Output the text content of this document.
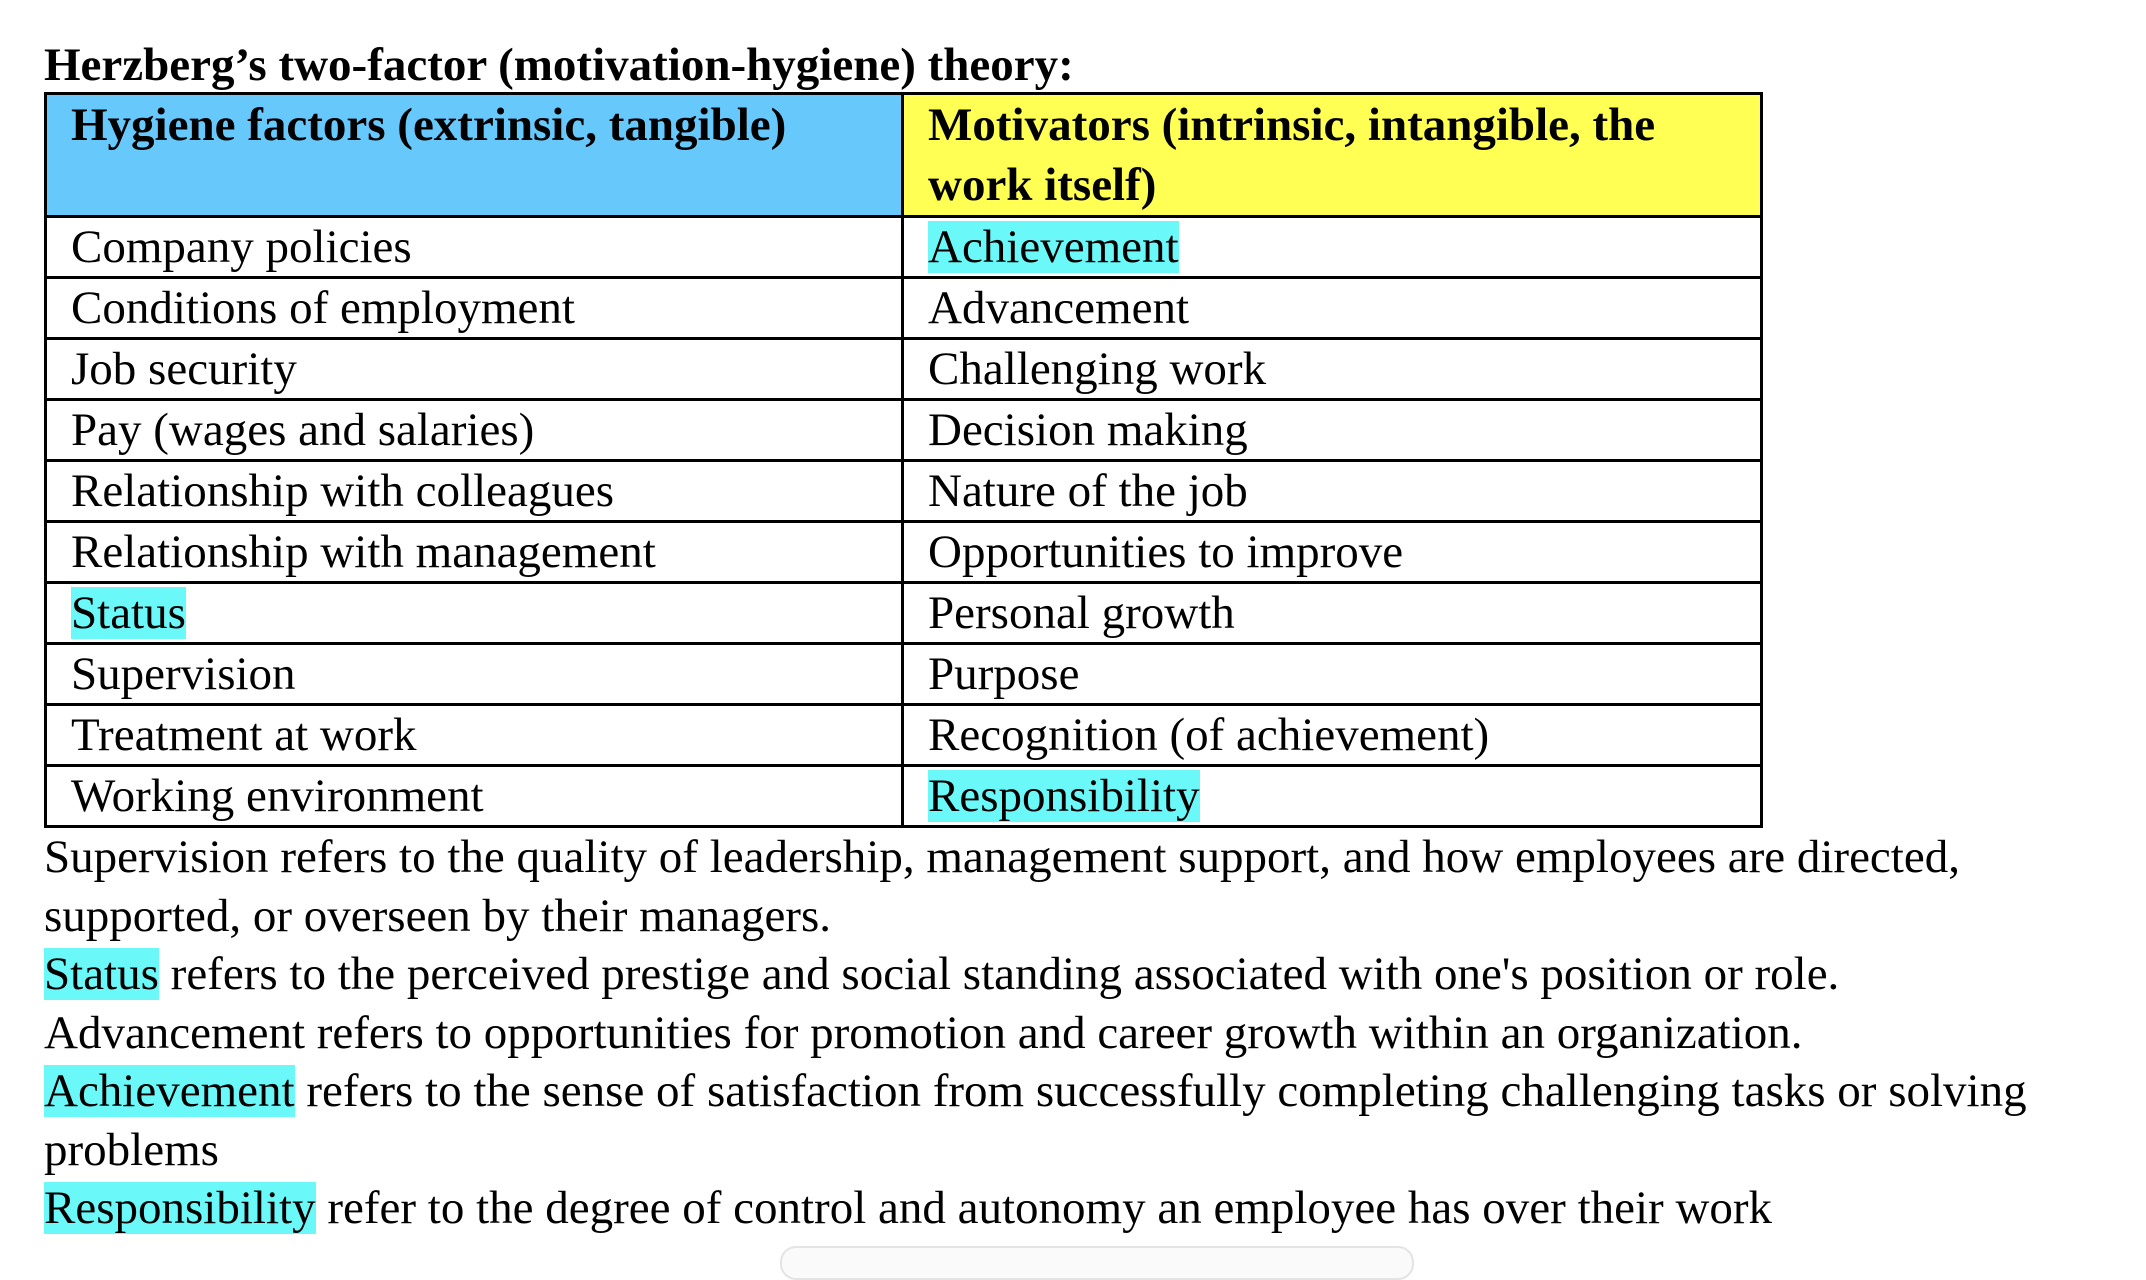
Herzberg’s two-factor (motivation-hygiene) theory:
Hygiene factors (extrinsic, tangible)	Motivators (intrinsic, intangible, the work itself)
Company policies	Achievement
Conditions of employment	Advancement
Job security	Challenging work
Pay (wages and salaries)	Decision making
Relationship with colleagues	Nature of the job
Relationship with management	Opportunities to improve
Status	Personal growth
Supervision	Purpose
Treatment at work	Recognition (of achievement)
Working environment	Responsibility

Supervision refers to the quality of leadership, management support, and how employees are directed, supported, or overseen by their managers.

Status refers to the perceived prestige and social standing associated with one's position or role.

Advancement refers to opportunities for promotion and career growth within an organization.

Achievement refers to the sense of satisfaction from successfully completing challenging tasks or solving problems

Responsibility refer to the degree of control and autonomy an employee has over their work
